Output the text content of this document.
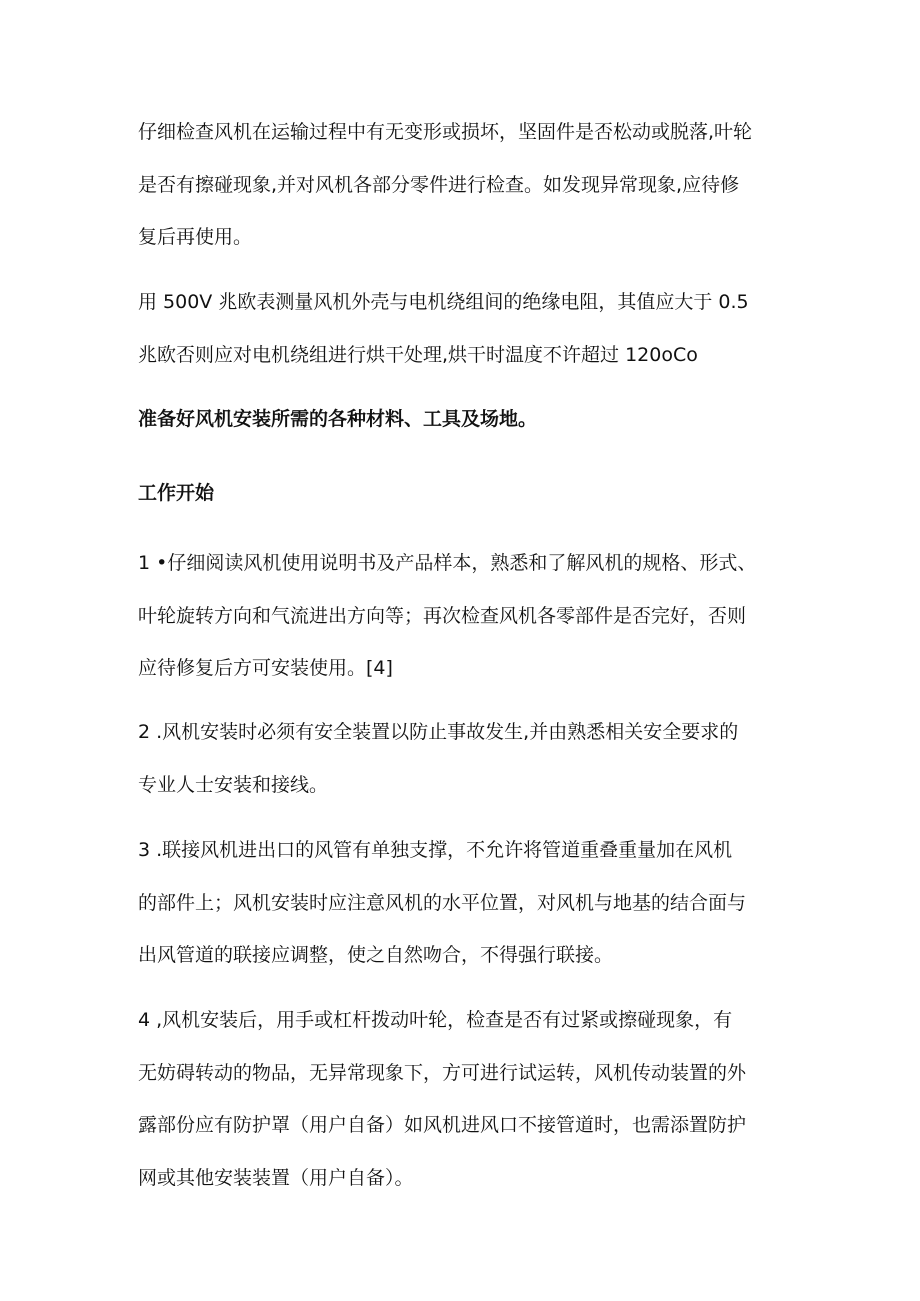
仔细检查风机在运输过程中有无变形或损坏，坚固件是否松动或脱落,叶轮
是否有擦碰现象,并对风机各部分零件进行检查。如发现异常现象,应待修
复后再使用。
用 500V 兆欧表测量风机外壳与电机绕组间的绝缘电阻，其值应大于 0.5
兆欧否则应对电机绕组进行烘干处理,烘干时温度不许超过 120oCo
准备好风机安装所需的各种材料、工具及场地。
工作开始
1 •仔细阅读风机使用说明书及产品样本，熟悉和了解风机的规格、形式、
叶轮旋转方向和气流进出方向等；再次检查风机各零部件是否完好，否则
应待修复后方可安装使用。[4]
2 .风机安装时必须有安全装置以防止事故发生,并由熟悉相关安全要求的
专业人士安装和接线。
3 .联接风机进出口的风管有单独支撑，不允许将管道重叠重量加在风机
的部件上；风机安装时应注意风机的水平位置，对风机与地基的结合面与
出风管道的联接应调整，使之自然吻合，不得强行联接。
4 ,风机安装后，用手或杠杆拨动叶轮，检查是否有过紧或擦碰现象，有
无妨碍转动的物品，无异常现象下，方可进行试运转，风机传动装置的外
露部份应有防护罩（用户自备）如风机进风口不接管道时，也需添置防护
网或其他安装装置（用户自备）。
